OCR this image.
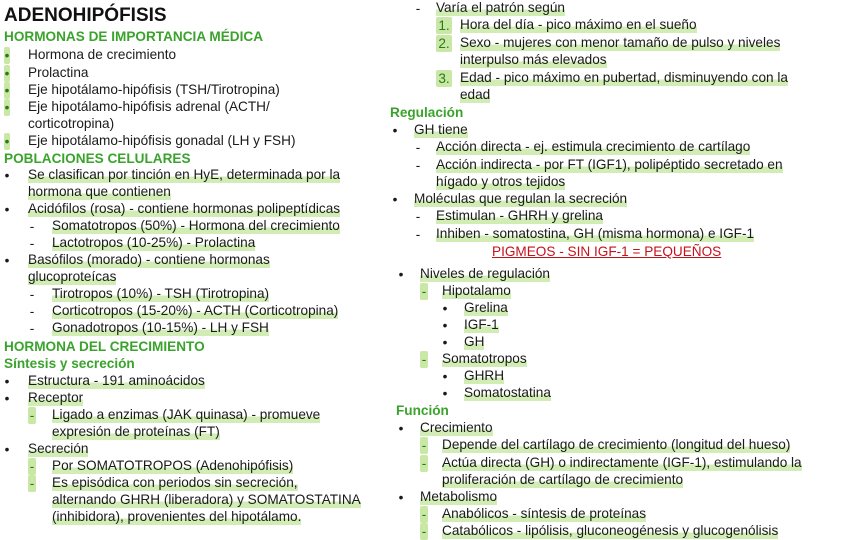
ADENOHIPÓFISIS
HORMONAS DE IMPORTANCIA MÉDICA
• Hormona de crecimiento
• Prolactina
• Eje hipotálamo-hipófisis (TSH/Tirotropina)
• Eje hipotálamo-hipófisis adrenal (ACTH/
corticotropina)
• Eje hipotálamo-hipófisis gonadal (LH y FSH)
POBLACIONES CELULARES
• Se clasifican por tinción en HyE, determinada por la
hormona que contienen
• Acidófilos (rosa) - contiene hormonas polipeptídicas
- Somatotropos (50%) - Hormona del crecimiento
- Lactotropos (10-25%) - Prolactina
• Basófilos (morado) - contiene hormonas
glucoproteícas
- Tirotropos (10%) - TSH (Tirotropina)
- Corticotropos (15-20%) - ACTH (Corticotropina)
- Gonadotropos (10-15%) - LH y FSH
HORMONA DEL CRECIMIENTO
Síntesis y secreción
• Estructura - 191 aminoácidos
• Receptor
- Ligado a enzimas (JAK quinasa) - promueve
expresión de proteínas (FT)
• Secreción
- Por SOMATOTROPOS (Adenohipófisis)
- Es episódica con periodos sin secreción,
alternando GHRH (liberadora) y SOMATOSTATINA
(inhibidora), provenientes del hipotálamo.
- Varía el patrón según
1. Hora del día - pico máximo en el sueño
2. Sexo - mujeres con menor tamaño de pulso y niveles
interpulso más elevados
3. Edad - pico máximo en pubertad, disminuyendo con la
edad
Regulación
• GH tiene
- Acción directa - ej. estimula crecimiento de cartílago
- Acción indirecta - por FT (IGF1), polipéptido secretado en
hígado y otros tejidos
• Moléculas que regulan la secreción
- Estimulan - GHRH y grelina
- Inhiben - somatostina, GH (misma hormona) e IGF-1
PIGMEOS - SIN IGF-1 = PEQUEÑOS
• Niveles de regulación
- Hipotalamo
• Grelina
• IGF-1
• GH
- Somatotropos
• GHRH
• Somatostatina
Función
• Crecimiento
- Depende del cartílago de crecimiento (longitud del hueso)
- Actúa directa (GH) o indirectamente (IGF-1), estimulando la
proliferación de cartílago de crecimiento
• Metabolismo
- Anabólicos - síntesis de proteínas
- Catabólicos - lipólisis, gluconeogénesis y glucogenólisis
